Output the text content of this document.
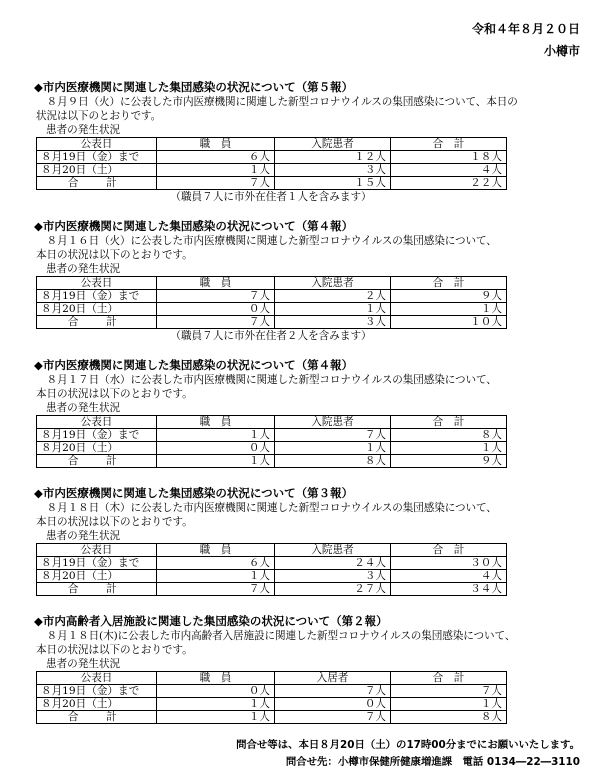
令和４年８月２０日
小樽市
◆市内医療機関に関連した集団感染の状況について（第５報）

８月９日（火）に公表した市内医療機関に関連した新型コロナウイルスの集団感染について、本日の
状況は以下のとおりです。

患者の発生状況
公表日	職　員	入院患者	合　計
８月19日（金）まで	６人	１２人	１８人
８月20日（土）	１人	３人	４人
合　計	７人	１５人	２２人
（職員７人に市外在住者１人を含みます）
◆市内医療機関に関連した集団感染の状況について（第４報）

８月１６日（火）に公表した市内医療機関に関連した新型コロナウイルスの集団感染について、
本日の状況は以下のとおりです。

患者の発生状況
公表日	職　員	入院患者	合　計
８月19日（金）まで	７人	２人	９人
８月20日（土）	０人	１人	１人
合　計	７人	３人	１０人
（職員７人に市外在住者２人を含みます）
◆市内医療機関に関連した集団感染の状況について（第４報）

８月１７日（水）に公表した市内医療機関に関連した新型コロナウイルスの集団感染について、
本日の状況は以下のとおりです。

患者の発生状況
公表日	職　員	入院患者	合　計
８月19日（金）まで	１人	７人	８人
８月20日（土）	０人	１人	１人
合　計	１人	８人	９人
◆市内医療機関に関連した集団感染の状況について（第３報）

８月１８日（木）に公表した市内医療機関に関連した新型コロナウイルスの集団感染について、
本日の状況は以下のとおりです。

患者の発生状況
公表日	職　員	入院患者	合　計
８月19日（金）まで	６人	２４人	３０人
８月20日（土）	１人	３人	４人
合　計	７人	２７人	３４人
◆市内高齢者入居施設に関連した集団感染の状況について（第２報）

８月１８日(木)に公表した市内高齢者入居施設に関連した新型コロナウイルスの集団感染について、
本日の状況は以下のとおりです。

患者の発生状況
公表日	職　員	入居者	合　計
８月19日（金）まで	０人	７人	７人
８月20日（土）	１人	０人	１人
合　計	１人	７人	８人
問合せ等は、本日８月20日（土）の17時00分までにお願いいたします。
問合せ先：小樽市保健所健康増進課　電話 0134―22―3110
